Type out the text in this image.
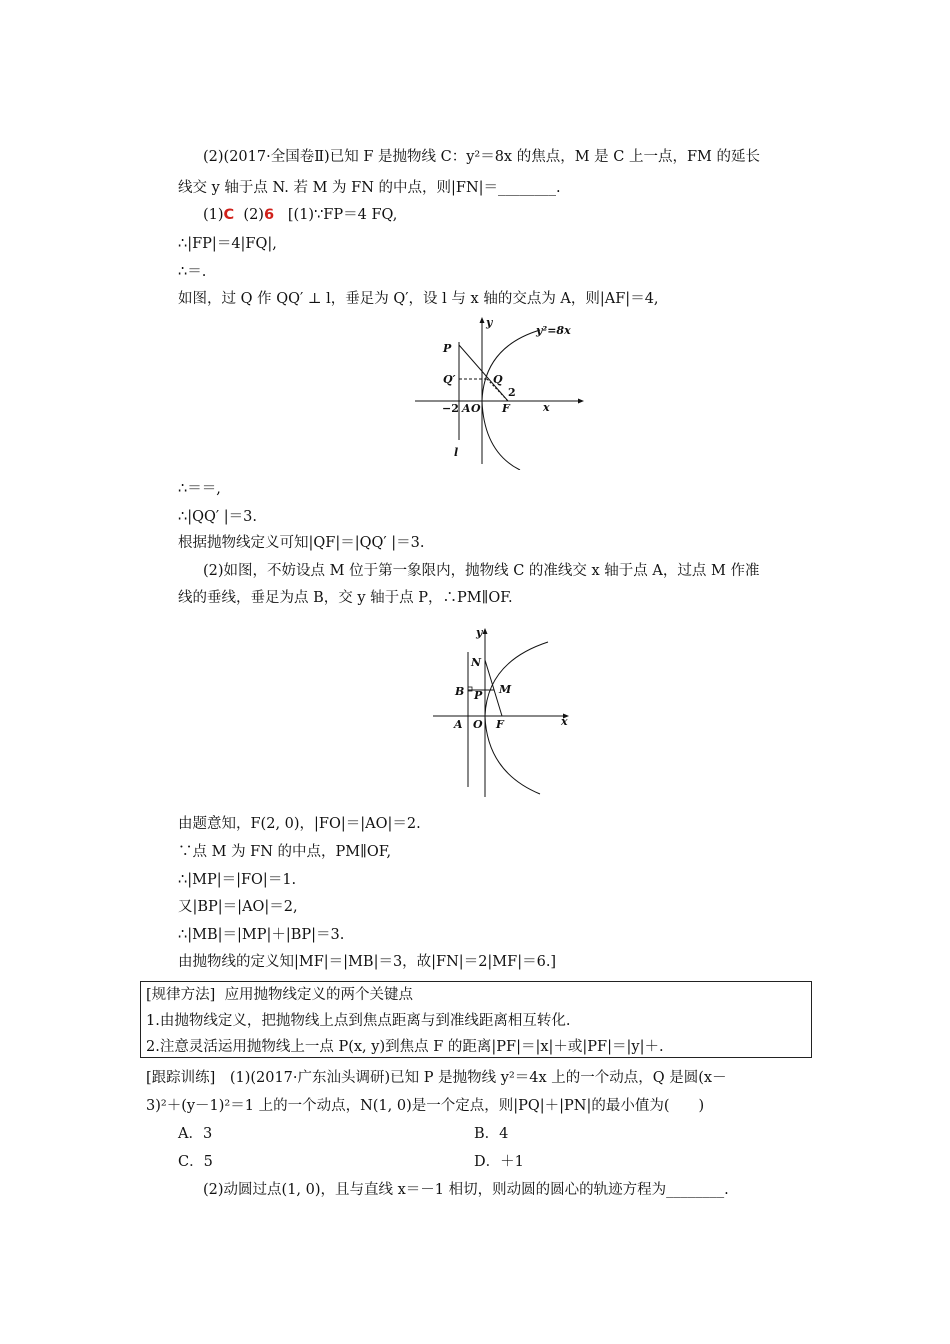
(2)(2017·全国卷Ⅱ)已知 F 是抛物线 C：y²＝8x 的焦点，M 是 C 上一点，FM 的延长
线交 y 轴于点 N. 若 M 为 FN 的中点，则|FN|＝________.
(1)C (2)6 [(1)∵FP＝4 FQ,
∴|FP|＝4|FQ|,
∴＝.
如图，过 Q 作 QQ′ ⊥ l，垂足为 Q′，设 l 与 x 轴的交点为 A，则|AF|＝4,
y²=8x
y
x
P
Q′	Q
2
−2 A O F
l
∴＝＝,
∴|QQ′ |＝3.
根据抛物线定义可知|QF|＝|QQ′ |＝3.
(2)如图，不妨设点 M 位于第一象限内，抛物线 C 的准线交 x 轴于点 A，过点 M 作准
线的垂线，垂足为点 B，交 y 轴于点 P，∴PM∥OF.
y
x
N
B P M
A O F
由题意知，F(2, 0)，|FO|＝|AO|＝2.
∵点 M 为 FN 的中点，PM∥OF,
∴|MP|＝|FO|＝1.
又|BP|＝|AO|＝2,
∴|MB|＝|MP|＋|BP|＝3.
由抛物线的定义知|MF|＝|MB|＝3，故|FN|＝2|MF|＝6.]
[规律方法] 应用抛物线定义的两个关键点
1.由抛物线定义，把抛物线上点到焦点距离与到准线距离相互转化.
2.注意灵活运用抛物线上一点 P(x, y)到焦点 F 的距离|PF|＝|x|＋或|PF|＝|y|＋.
[跟踪训练]　(1)(2017·广东汕头调研)已知 P 是抛物线 y²＝4x 上的一个动点，Q 是圆(x－
3)²＋(y－1)²＝1 上的一个动点，N(1, 0)是一个定点，则|PQ|＋|PN|的最小值为(　　)
A．3	B．4
C．5	D．＋1
(2)动圆过点(1, 0)，且与直线 x＝－1 相切，则动圆的圆心的轨迹方程为________.
